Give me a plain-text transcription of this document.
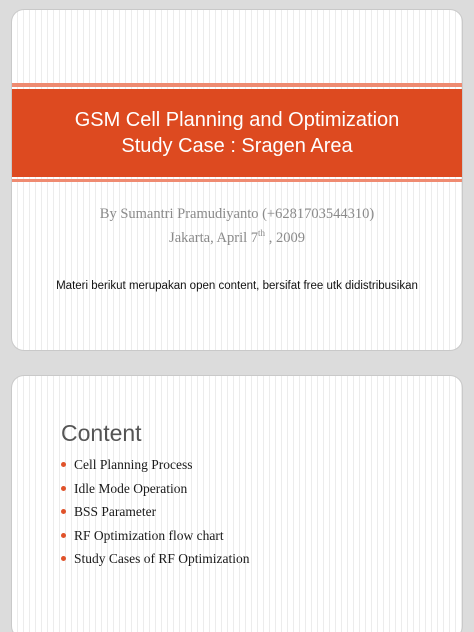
GSM Cell Planning and Optimization
Study Case : Sragen Area
By Sumantri Pramudiyanto (+6281703544310)
Jakarta, April 7th , 2009
Materi berikut merupakan open content, bersifat free utk didistribusikan
Content
Cell Planning Process
Idle Mode Operation
BSS Parameter
RF Optimization flow chart
Study Cases of RF Optimization
